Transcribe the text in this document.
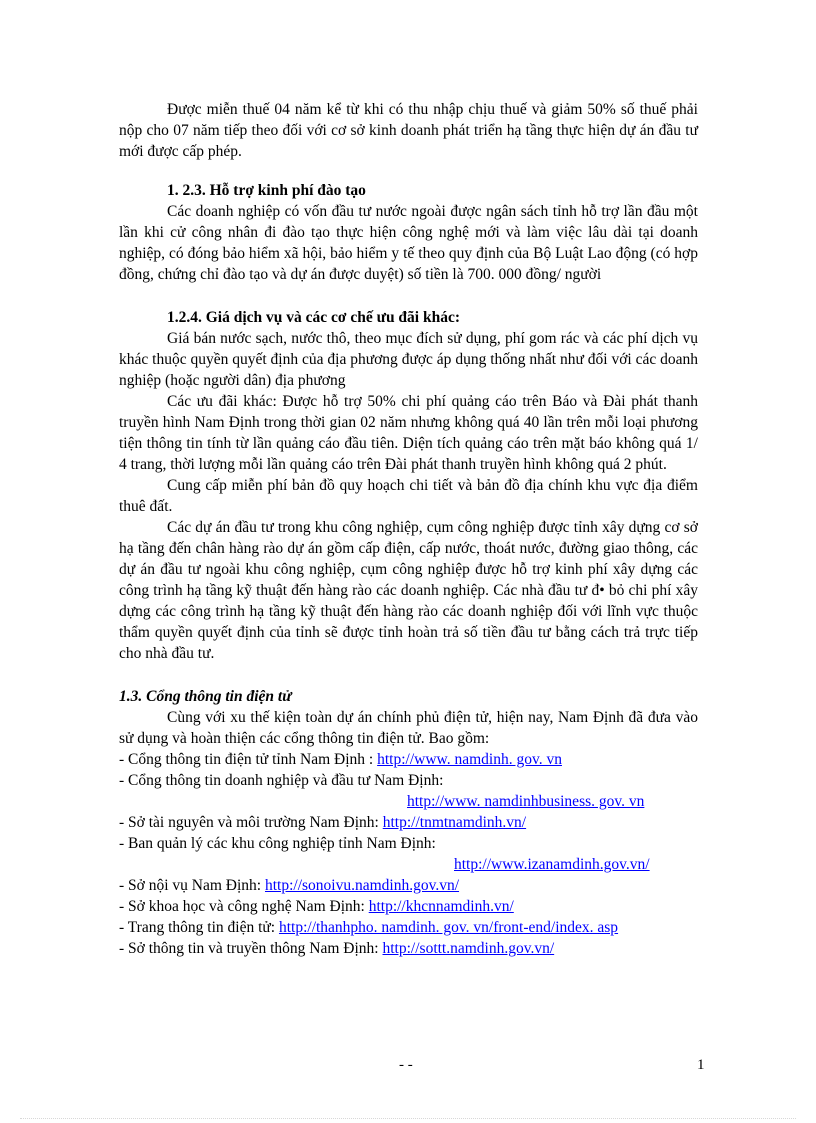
Được miễn thuế 04 năm kể từ khi có thu nhập chịu thuế và giảm 50% số thuế phải nộp cho 07 năm tiếp theo đối với cơ sở kinh doanh phát triển hạ tầng thực hiện dự án đầu tư mới được cấp phép.

1. 2.3. Hỗ trợ kinh phí đào tạo

Các doanh nghiệp có vốn đầu tư nước ngoài được ngân sách tỉnh hỗ trợ lần đầu một lần khi cử công nhân đi đào tạo thực hiện công nghệ mới và làm việc lâu dài tại doanh nghiệp, có đóng bảo hiểm xã hội, bảo hiểm y tế theo quy định của Bộ Luật Lao động (có hợp đồng, chứng chỉ đào tạo và dự án được duyệt) số tiền là 700. 000 đồng/ người

1.2.4. Giá dịch vụ và các cơ chế ưu đãi khác:

Giá bán nước sạch, nước thô, theo mục đích sử dụng, phí gom rác và các phí dịch vụ khác thuộc quyền quyết định của địa phương được áp dụng thống nhất như đối với các doanh nghiệp (hoặc người dân) địa phương

Các ưu đãi khác: Được hỗ trợ 50% chi phí quảng cáo trên Báo và Đài phát thanh truyền hình Nam Định trong thời gian 02 năm nhưng không quá 40 lần trên mỗi loại phương tiện thông tin tính từ lần quảng cáo đầu tiên. Diện tích quảng cáo trên mặt báo không quá 1/ 4 trang, thời lượng mỗi lần quảng cáo trên Đài phát thanh truyền hình không quá 2 phút.

Cung cấp miễn phí bản đồ quy hoạch chi tiết và bản đồ địa chính khu vực địa điểm thuê đất.

Các dự án đầu tư trong khu công nghiệp, cụm công nghiệp được tỉnh xây dựng cơ sở hạ tầng đến chân hàng rào dự án gồm cấp điện, cấp nước, thoát nước, đường giao thông, các dự án đầu tư ngoài khu công nghiệp, cụm công nghiệp được hỗ trợ kinh phí xây dựng các công trình hạ tầng kỹ thuật đến hàng rào các doanh nghiệp. Các nhà đầu tư đ• bỏ chi phí xây dựng các công trình hạ tầng kỹ thuật đến hàng rào các doanh nghiệp đối với lĩnh vực thuộc thẩm quyền quyết định của tỉnh sẽ được tỉnh hoàn trả số tiền đầu tư bằng cách trả trực tiếp cho nhà đầu tư.

1.3. Cổng thông tin điện tử

Cùng với xu thế kiện toàn dự án chính phủ điện tử, hiện nay, Nam Định đã đưa vào sử dụng và hoàn thiện các cổng thông tin điện tử. Bao gồm:

- Cổng thông tin điện tử tỉnh Nam Định : http://www. namdinh. gov. vn

- Cổng thông tin doanh nghiệp và đầu tư Nam Định:

http://www. namdinhbusiness. gov. vn

- Sở tài nguyên và môi trường Nam Định: http://tnmtnamdinh.vn/

- Ban quản lý các khu công nghiệp tỉnh Nam Định:

http://www.izanamdinh.gov.vn/

- Sở nội vụ Nam Định: http://sonoivu.namdinh.gov.vn/

- Sở khoa học và công nghệ Nam Định: http://khcnnamdinh.vn/

- Trang thông tin điện tử: http://thanhpho. namdinh. gov. vn/front-end/index. asp

- Sở thông tin và truyền thông Nam Định: http://sottt.namdinh.gov.vn/

- -	1
